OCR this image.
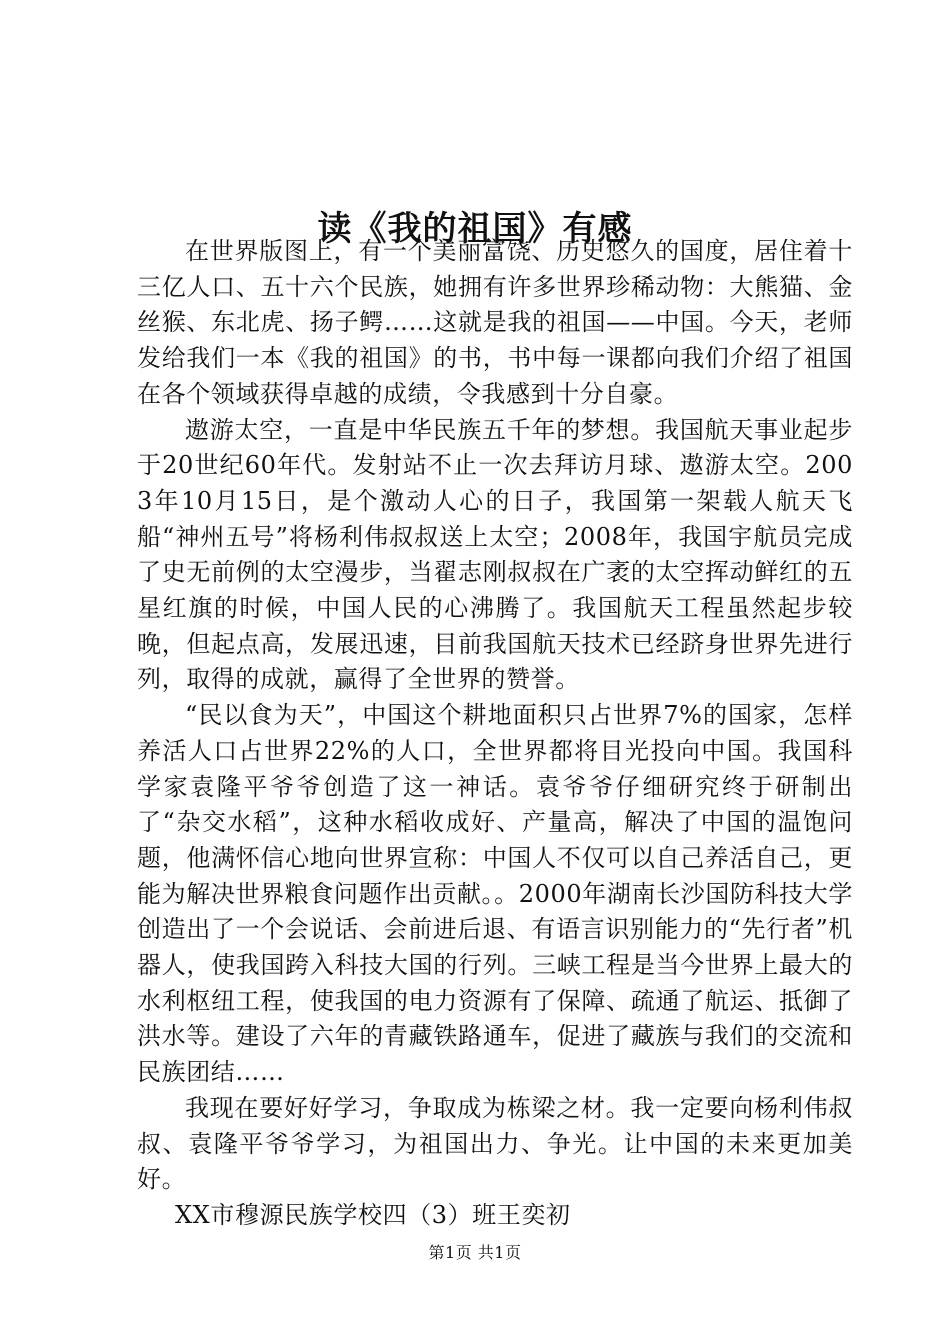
读《我的祖国》有感

在世界版图上，有一个美丽富饶、历史悠久的国度，居住着十三亿人口、五十六个民族，她拥有许多世界珍稀动物：大熊猫、金丝猴、东北虎、扬子鳄……这就是我的祖国——中国。今天，老师发给我们一本《我的祖国》的书，书中每一课都向我们介绍了祖国在各个领域获得卓越的成绩，令我感到十分自豪。

遨游太空，一直是中华民族五千年的梦想。我国航天事业起步于20世纪60年代。发射站不止一次去拜访月球、遨游太空。2003年10月15日，是个激动人心的日子，我国第一架载人航天飞船“神州五号”将杨利伟叔叔送上太空；2008年，我国宇航员完成了史无前例的太空漫步，当翟志刚叔叔在广袤的太空挥动鲜红的五星红旗的时候，中国人民的心沸腾了。我国航天工程虽然起步较晚，但起点高，发展迅速，目前我国航天技术已经跻身世界先进行列，取得的成就，赢得了全世界的赞誉。

“民以食为天”，中国这个耕地面积只占世界7%的国家，怎样养活人口占世界22%的人口，全世界都将目光投向中国。我国科学家袁隆平爷爷创造了这一神话。袁爷爷仔细研究终于研制出了“杂交水稻”，这种水稻收成好、产量高，解决了中国的温饱问题，他满怀信心地向世界宣称：中国人不仅可以自己养活自己，更能为解决世界粮食问题作出贡献。。2000年湖南长沙国防科技大学创造出了一个会说话、会前进后退、有语言识别能力的“先行者”机器人，使我国跨入科技大国的行列。三峡工程是当今世界上最大的水利枢纽工程，使我国的电力资源有了保障、疏通了航运、抵御了洪水等。建设了六年的青藏铁路通车，促进了藏族与我们的交流和民族团结……

我现在要好好学习，争取成为栋梁之材。我一定要向杨利伟叔叔、袁隆平爷爷学习，为祖国出力、争光。让中国的未来更加美好。

XX市穆源民族学校四（3）班王奕初

第1页 共1页
